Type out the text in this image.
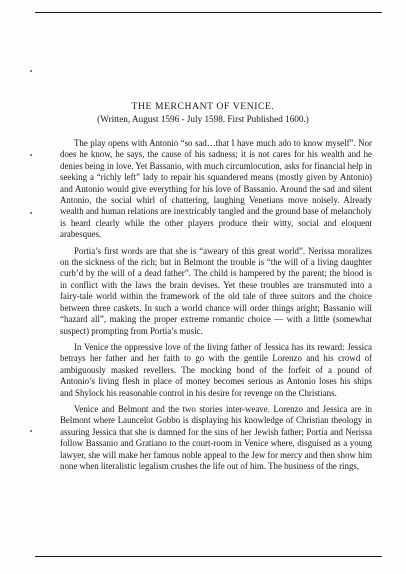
THE MERCHANT OF VENICE.
(Written, August 1596 - July 1598. First Published 1600.)

The play opens with Antonio “so sad…that I have much ado to know myself”. Nor does he know, he says, the cause of his sadness; it is not cares for his wealth and he denies being in love. Yet Bassanio, with much circumlocution, asks for financial help in seeking a “richly left” lady to repair his squandered means (mostly given by Antonio) and Antonio would give everything for his love of Bassanio. Around the sad and silent Antonio, the social whirl of chattering, laughing Venetians move noisely. Already wealth and human relations are inextricably tangled and the ground base of melancholy is heard clearly while the other players produce their witty, social and eloquent arabesques.

Portia’s first words are that she is “aweary of this great world”. Nerissa moralizes on the sickness of the rich; but in Belmont the trouble is “the will of a living daughter curb’d by the will of a dead father”. The child is hampered by the parent; the blood is in conflict with the laws the brain devises. Yet these troubles are transmuted into a fairy-tale world within the framework of the old tale of three suitors and the choice between three caskets. In such a world chance will order things aright; Bassanio will “hazard all”, making the proper extreme romantic choice — with a little (somewhat suspect) prompting from Portia’s music.

In Venice the oppressive love of the living father of Jessica has its reward: Jessica betrays her father and her faith to go with the gentile Lorenzo and his crowd of ambiguously masked revellers. The mocking bond of the forfeit of a pound of Antonio’s living flesh in place of money becomes serious as Antonio loses his ships and Shylock his reasonable control in his desire for revenge on the Christians.

Venice and Belmont and the two stories inter-weave. Lorenzo and Jessica are in Belmont where Launcelot Gobbo is displaying his knowledge of Christian theology in assuring Jessica that she is damned for the sins of her Jewish father; Portia and Nerissa follow Bassanio and Gratiano to the court-room in Venice where, disguised as a young lawyer, she will make her famous noble appeal to the Jew for mercy and then show him none when literalistic legalism crushes the life out of him. The business of the rings,
